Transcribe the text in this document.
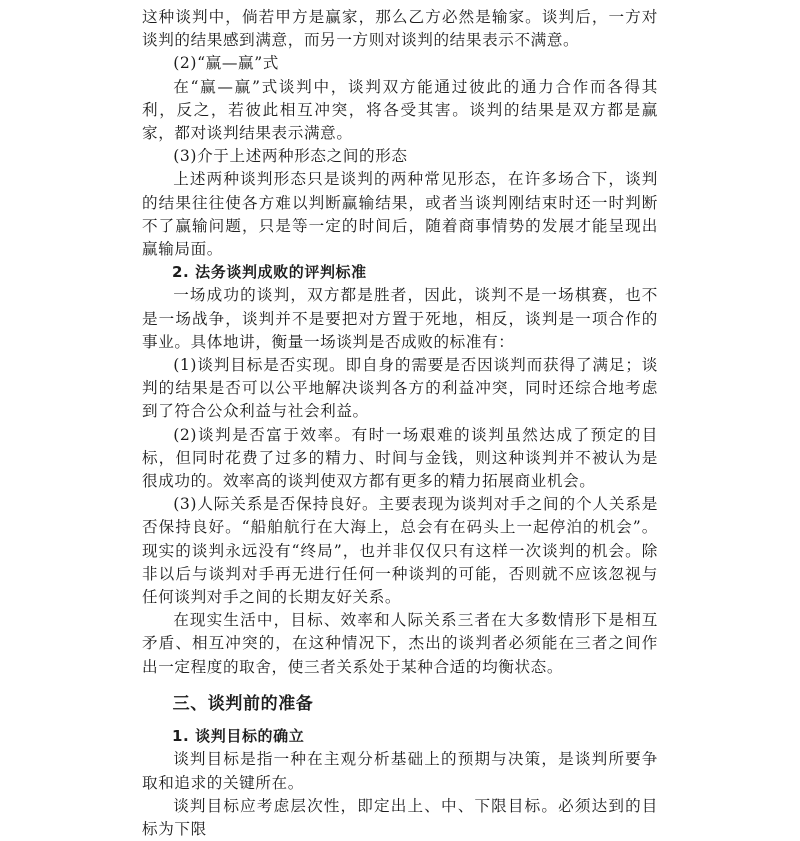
这种谈判中，倘若甲方是赢家，那么乙方必然是输家。谈判后，一方对谈判的结果感到满意，而另一方则对谈判的结果表示不满意。

(2)“赢—赢”式

在“赢—赢”式谈判中，谈判双方能通过彼此的通力合作而各得其利，反之，若彼此相互冲突，将各受其害。谈判的结果是双方都是赢家，都对谈判结果表示满意。

(3)介于上述两种形态之间的形态

上述两种谈判形态只是谈判的两种常见形态，在许多场合下，谈判的结果往往使各方难以判断赢输结果，或者当谈判刚结束时还一时判断不了赢输问题，只是等一定的时间后，随着商事情势的发展才能呈现出赢输局面。

2. 法务谈判成败的评判标准

一场成功的谈判，双方都是胜者，因此，谈判不是一场棋赛，也不是一场战争，谈判并不是要把对方置于死地，相反，谈判是一项合作的事业。具体地讲，衡量一场谈判是否成败的标准有：

(1)谈判目标是否实现。即自身的需要是否因谈判而获得了满足；谈判的结果是否可以公平地解决谈判各方的利益冲突，同时还综合地考虑到了符合公众利益与社会利益。

(2)谈判是否富于效率。有时一场艰难的谈判虽然达成了预定的目标，但同时花费了过多的精力、时间与金钱，则这种谈判并不被认为是很成功的。效率高的谈判使双方都有更多的精力拓展商业机会。

(3)人际关系是否保持良好。主要表现为谈判对手之间的个人关系是否保持良好。“船舶航行在大海上，总会有在码头上一起停泊的机会”。现实的谈判永远没有“终局”，也并非仅仅只有这样一次谈判的机会。除非以后与谈判对手再无进行任何一种谈判的可能，否则就不应该忽视与任何谈判对手之间的长期友好关系。

在现实生活中，目标、效率和人际关系三者在大多数情形下是相互矛盾、相互冲突的，在这种情况下，杰出的谈判者必须能在三者之间作出一定程度的取舍，使三者关系处于某种合适的均衡状态。

三、谈判前的准备

1. 谈判目标的确立

谈判目标是指一种在主观分析基础上的预期与决策，是谈判所要争取和追求的关键所在。

谈判目标应考虑层次性，即定出上、中、下限目标。必须达到的目标为下限
